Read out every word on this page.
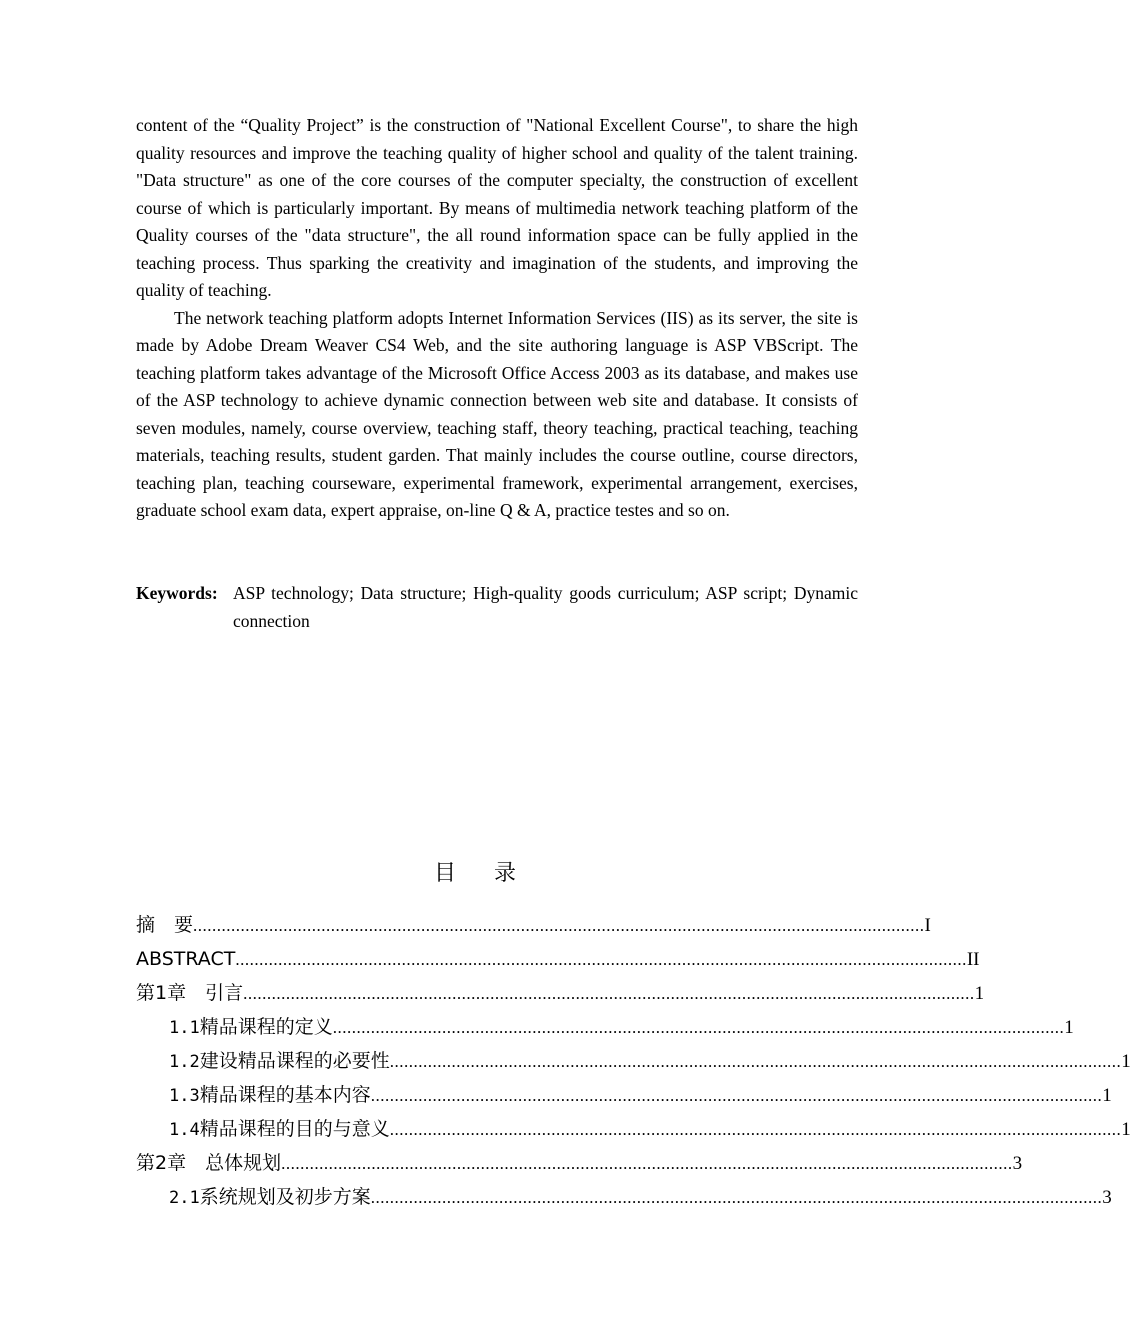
content of the “Quality Project” is the construction of "National Excellent Course", to share the high quality resources and improve the teaching quality of higher school and quality of the talent training. "Data structure" as one of the core courses of the computer specialty, the construction of excellent course of which is particularly important. By means of multimedia network teaching platform of the Quality courses of the "data structure", the all round information space can be fully applied in the teaching process. Thus sparking the creativity and imagination of the students, and improving the quality of teaching.

The network teaching platform adopts Internet Information Services (IIS) as its server, the site is made by Adobe Dream Weaver CS4 Web, and the site authoring language is ASP VBScript. The teaching platform takes advantage of the Microsoft Office Access 2003 as its database, and makes use of the ASP technology to achieve dynamic connection between web site and database. It consists of seven modules, namely, course overview, teaching staff, theory teaching, practical teaching, teaching materials, teaching results, student garden. That mainly includes the course outline, course directors, teaching plan, teaching courseware, experimental framework, experimental arrangement, exercises, graduate school exam data, expert appraise, on-line Q & A, practice testes and so on.

Keywords: ASP technology; Data structure; High-quality goods curriculum; ASP script; Dynamic connection
目 录
摘　要 .......................................................................................................................................................... I
ABSTRACT .......................................................................................................................................................... II
第1章　引言 .......................................................................................................................................................... 1
1.1 精品课程的定义 .......................................................................................................................................................... 1
1.2 建设精品课程的必要性 .......................................................................................................................................................... 1
1.3 精品课程的基本内容 .......................................................................................................................................................... 1
1.4 精品课程的目的与意义 .......................................................................................................................................................... 1
第2章　总体规划 .......................................................................................................................................................... 3
2.1 系统规划及初步方案 .......................................................................................................................................................... 3
